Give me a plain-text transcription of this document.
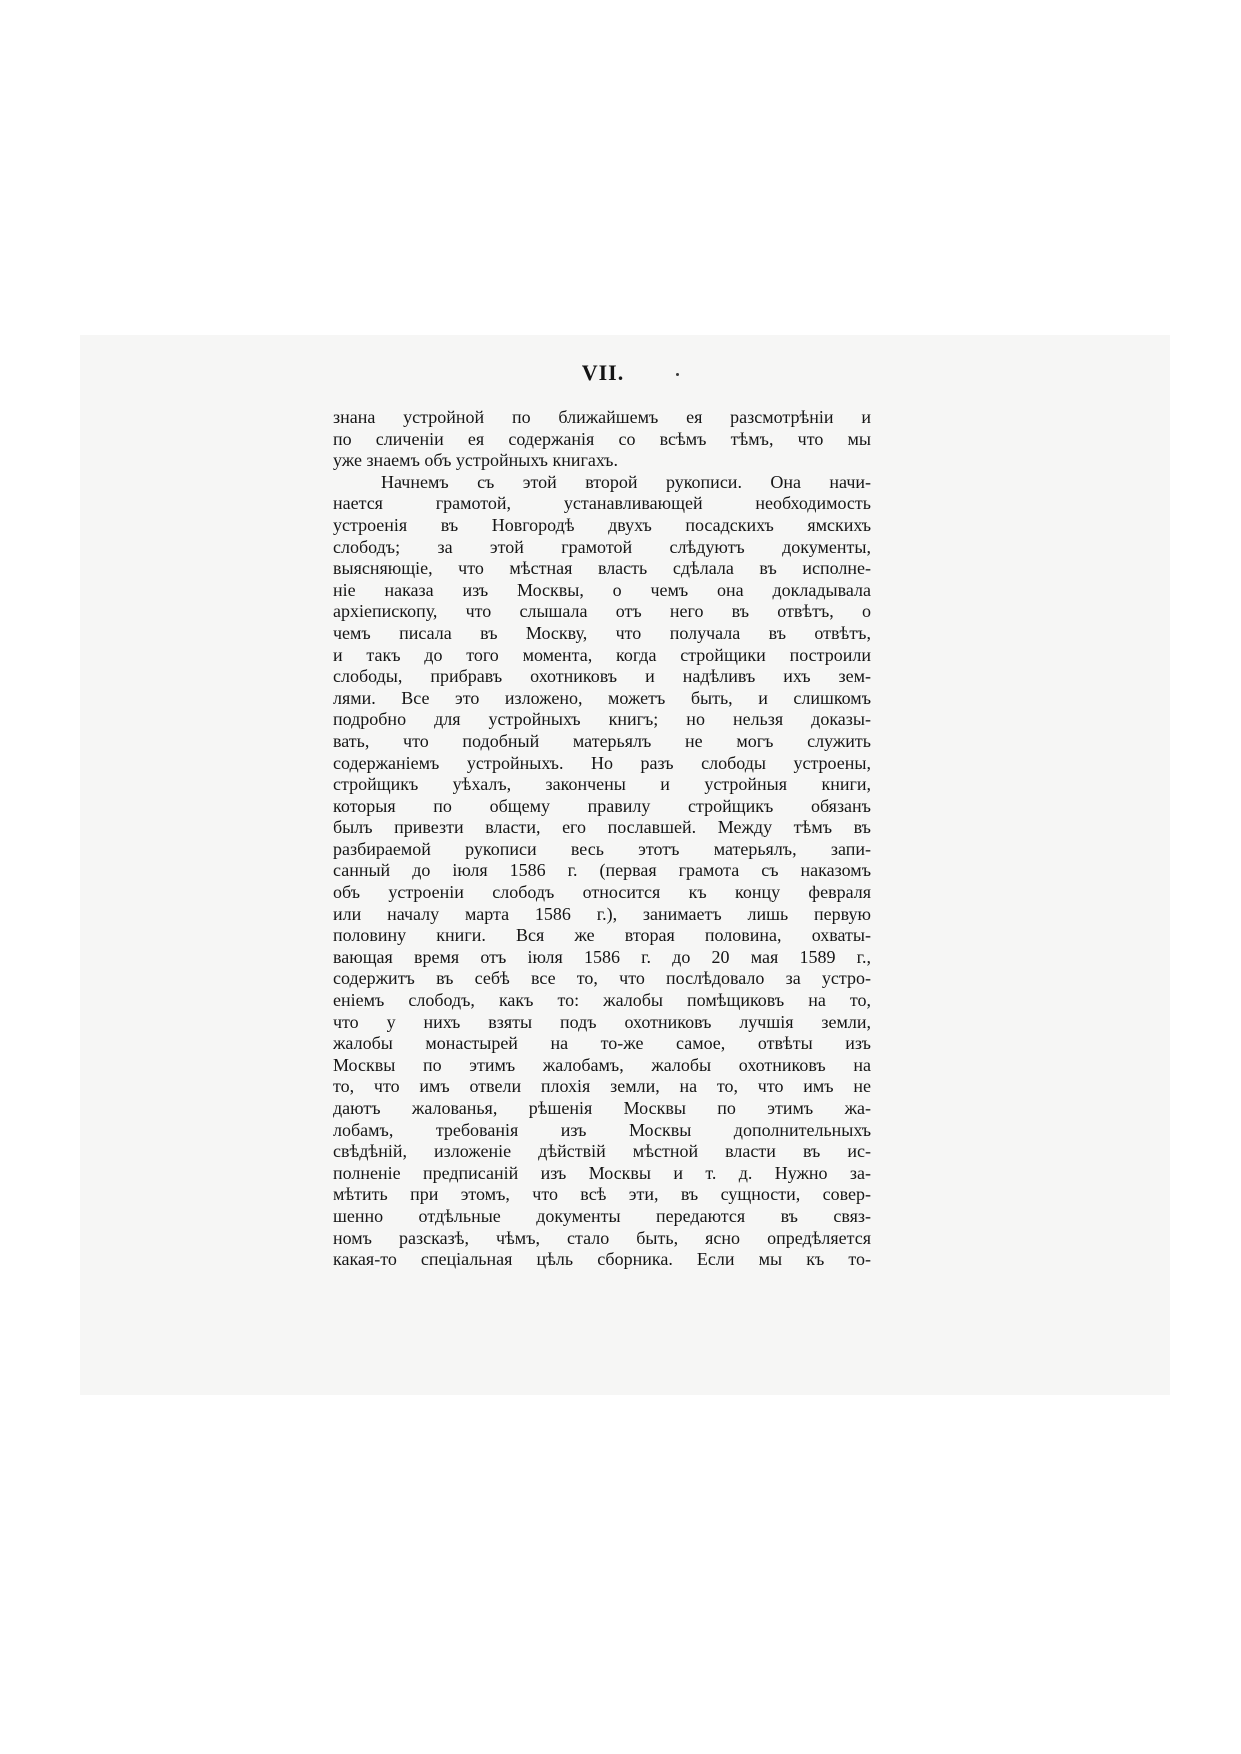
VII.
знана устройной по ближайшемъ ея разсмотрѣніи и
по сличеніи ея содержанія со всѣмъ тѣмъ, что мы
уже знаемъ объ устройныхъ книгахъ.
Начнемъ съ этой второй рукописи. Она начи-
нается грамотой, устанавливающей необходимость
устроенія въ Новгородѣ двухъ посадскихъ ямскихъ
слободъ; за этой грамотой слѣдуютъ документы,
выясняющіе, что мѣстная власть сдѣлала въ исполне-
ніе наказа изъ Москвы, о чемъ она докладывала
архіепископу, что слышала отъ него въ отвѣтъ, о
чемъ писала въ Москву, что получала въ отвѣтъ,
и такъ до того момента, когда стройщики построили
слободы, прибравъ охотниковъ и надѣливъ ихъ зем-
лями. Все это изложено, можетъ быть, и слишкомъ
подробно для устройныхъ книгъ; но нельзя доказы-
вать, что подобный матерьялъ не могъ служить
содержаніемъ устройныхъ. Но разъ слободы устроены,
стройщикъ уѣхалъ, закончены и устройныя книги,
которыя по общему правилу стройщикъ обязанъ
былъ привезти власти, его пославшей. Между тѣмъ въ
разбираемой рукописи весь этотъ матерьялъ, запи-
санный до іюля 1586 г. (первая грамота съ наказомъ
объ устроеніи слободъ относится къ концу февраля
или началу марта 1586 г.), занимаетъ лишь первую
половину книги. Вся же вторая половина, охваты-
вающая время отъ іюля 1586 г. до 20 мая 1589 г.,
содержитъ въ себѣ все то, что послѣдовало за устро-
еніемъ слободъ, какъ то: жалобы помѣщиковъ на то,
что у нихъ взяты подъ охотниковъ лучшія земли,
жалобы монастырей на то-же самое, отвѣты изъ
Москвы по этимъ жалобамъ, жалобы охотниковъ на
то, что имъ отвели плохія земли, на то, что имъ не
даютъ жалованья, рѣшенія Москвы по этимъ жа-
лобамъ, требованія изъ Москвы дополнительныхъ
свѣдѣній, изложеніе дѣйствій мѣстной власти въ ис-
полненіе предписаній изъ Москвы и т. д. Нужно за-
мѣтить при этомъ, что всѣ эти, въ сущности, совер-
шенно отдѣльные документы передаются въ связ-
номъ разсказѣ, чѣмъ, стало быть, ясно опредѣляется
какая-то спеціальная цѣль сборника. Если мы къ то-
